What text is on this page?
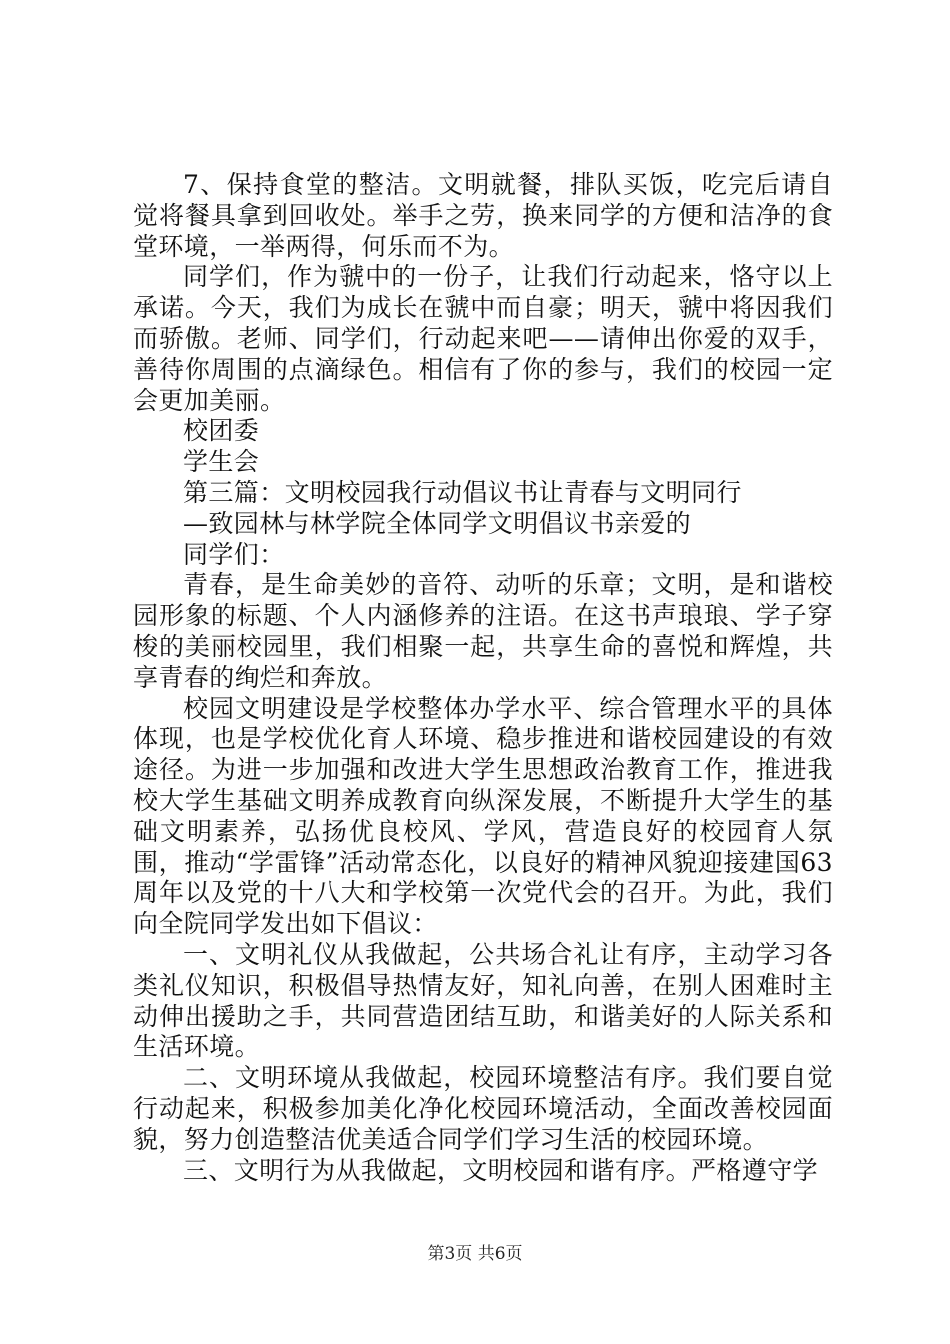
7、保持食堂的整洁。文明就餐，排队买饭，吃完后请自觉将餐具拿到回收处。举手之劳，换来同学的方便和洁净的食堂环境，一举两得，何乐而不为。

同学们，作为虢中的一份子，让我们行动起来，恪守以上承诺。今天，我们为成长在虢中而自豪；明天，虢中将因我们而骄傲。老师、同学们，行动起来吧——请伸出你爱的双手，善待你周围的点滴绿色。相信有了你的参与，我们的校园一定会更加美丽。

校团委

学生会

第三篇：文明校园我行动倡议书让青春与文明同行

—致园林与林学院全体同学文明倡议书亲爱的

同学们：

青春，是生命美妙的音符、动听的乐章；文明，是和谐校园形象的标题、个人内涵修养的注语。在这书声琅琅、学子穿梭的美丽校园里，我们相聚一起，共享生命的喜悦和辉煌，共享青春的绚烂和奔放。

校园文明建设是学校整体办学水平、综合管理水平的具体体现，也是学校优化育人环境、稳步推进和谐校园建设的有效途径。为进一步加强和改进大学生思想政治教育工作，推进我校大学生基础文明养成教育向纵深发展，不断提升大学生的基础文明素养，弘扬优良校风、学风，营造良好的校园育人氛围，推动“学雷锋”活动常态化，以良好的精神风貌迎接建国63周年以及党的十八大和学校第一次党代会的召开。为此，我们向全院同学发出如下倡议：

一、文明礼仪从我做起，公共场合礼让有序，主动学习各类礼仪知识，积极倡导热情友好，知礼向善，在别人困难时主动伸出援助之手，共同营造团结互助，和谐美好的人际关系和生活环境。

二、文明环境从我做起，校园环境整洁有序。我们要自觉行动起来，积极参加美化净化校园环境活动，全面改善校园面貌，努力创造整洁优美适合同学们学习生活的校园环境。

三、文明行为从我做起，文明校园和谐有序。严格遵守学

第3页 共6页
